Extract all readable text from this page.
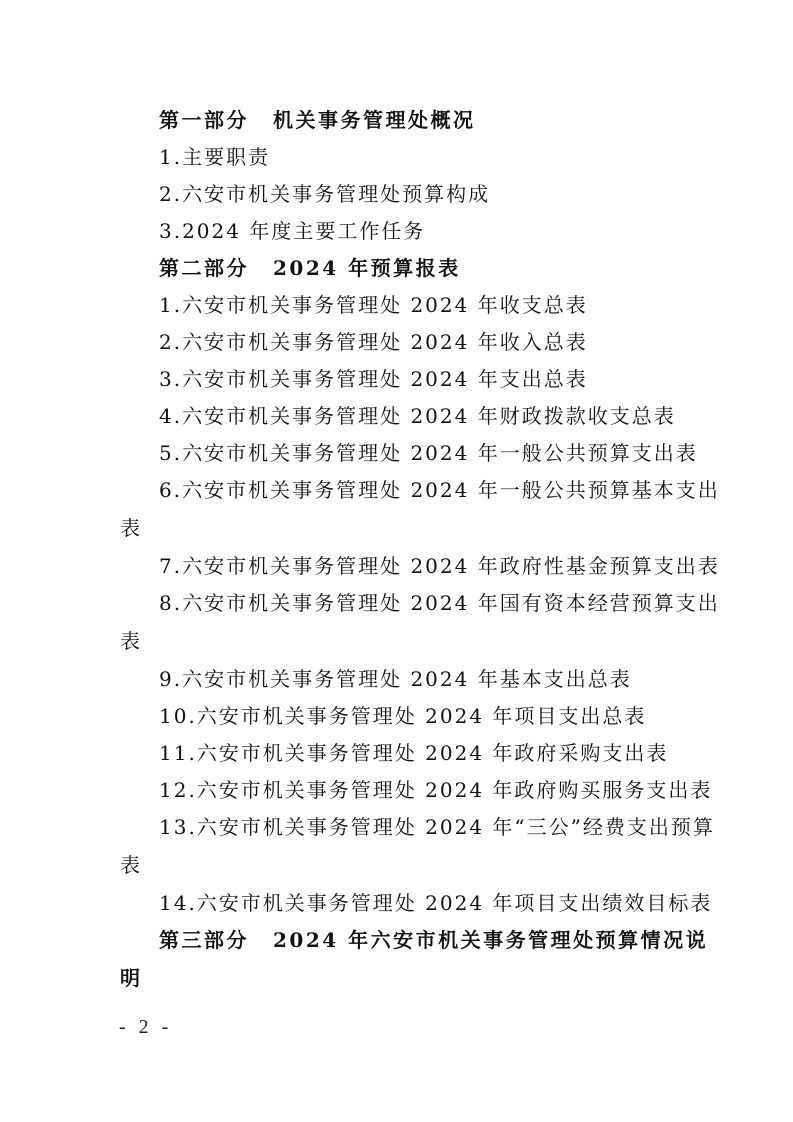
第一部分 机关事务管理处概况
1.主要职责
2.六安市机关事务管理处预算构成
3.2024 年度主要工作任务
第二部分 2024 年预算报表
1.六安市机关事务管理处 2024 年收支总表
2.六安市机关事务管理处 2024 年收入总表
3.六安市机关事务管理处 2024 年支出总表
4.六安市机关事务管理处 2024 年财政拨款收支总表
5.六安市机关事务管理处 2024 年一般公共预算支出表
6.六安市机关事务管理处 2024 年一般公共预算基本支出
表
7.六安市机关事务管理处 2024 年政府性基金预算支出表
8.六安市机关事务管理处 2024 年国有资本经营预算支出
表
9.六安市机关事务管理处 2024 年基本支出总表
10.六安市机关事务管理处 2024 年项目支出总表
11.六安市机关事务管理处 2024 年政府采购支出表
12.六安市机关事务管理处 2024 年政府购买服务支出表
13.六安市机关事务管理处 2024 年“三公”经费支出预算
表
14.六安市机关事务管理处 2024 年项目支出绩效目标表
第三部分 2024 年六安市机关事务管理处预算情况说
明
- 2 -
